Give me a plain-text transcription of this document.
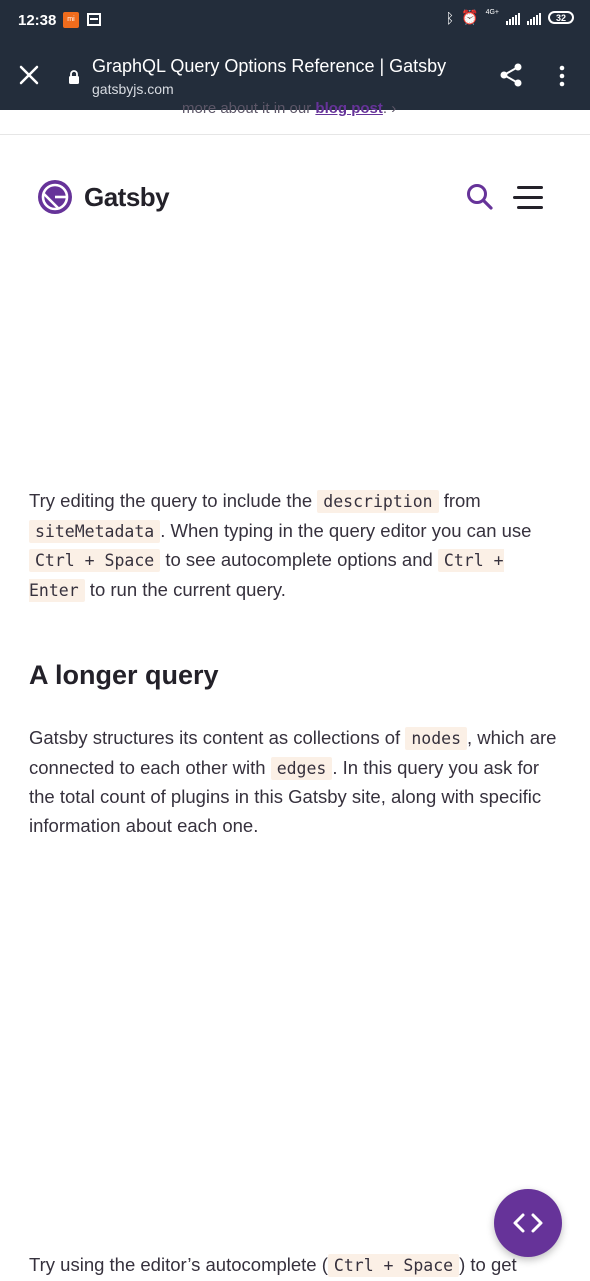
12:38	mi	ᛒ ⏰ 4G+
32
GraphQL Query Options Reference | Gatsby
gatsbyjs.com
more about it in our blog post. ›
Gatsby

Try editing the query to include the description from siteMetadata . When typing in the query editor you can use Ctrl + Space to see autocomplete options and Ctrl + Enter to run the current query.

A longer query

Gatsby structures its content as collections of nodes , which are connected to each other with edges . In this query you ask for the total count of plugins in this Gatsby site, along with specific information about each one.

Try using the editor’s autocomplete ( Ctrl + Space ) to get
